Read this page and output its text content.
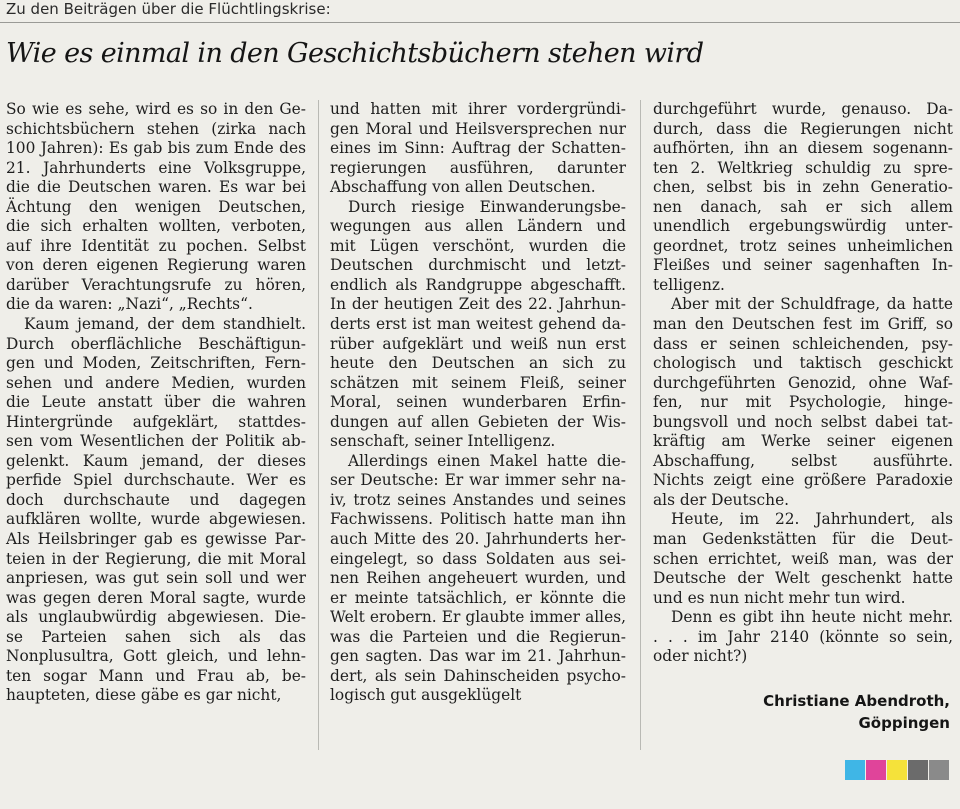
Zu den Beiträgen über die Flüchtlingskrise:
Wie es einmal in den Geschichtsbüchern stehen wird

So wie es sehe, wird es so in den Ge-
schichtsbüchern stehen (zirka nach
100 Jahren): Es gab bis zum Ende des
21. Jahrhunderts eine Volksgruppe,
die die Deutschen waren. Es war bei
Ächtung den wenigen Deutschen,
die sich erhalten wollten, verboten,
auf ihre Identität zu pochen. Selbst
von deren eigenen Regierung waren
darüber Verachtungsrufe zu hören,
die da waren: „Nazi“, „Rechts“.

Kaum jemand, der dem standhielt.
Durch oberflächliche Beschäftigun-
gen und Moden, Zeitschriften, Fern-
sehen und andere Medien, wurden
die Leute anstatt über die wahren
Hintergründe aufgeklärt, stattdes-
sen vom Wesentlichen der Politik ab-
gelenkt. Kaum jemand, der dieses
perfide Spiel durchschaute. Wer es
doch durchschaute und dagegen
aufklären wollte, wurde abgewiesen.
Als Heilsbringer gab es gewisse Par-
teien in der Regierung, die mit Moral
anpriesen, was gut sein soll und wer
was gegen deren Moral sagte, wurde
als unglaubwürdig abgewiesen. Die-
se Parteien sahen sich als das
Nonplusultra, Gott gleich, und lehn-
ten sogar Mann und Frau ab, be-
haupteten, diese gäbe es gar nicht,

und hatten mit ihrer vordergründi-
gen Moral und Heilsversprechen nur
eines im Sinn: Auftrag der Schatten-
regierungen ausführen, darunter
Abschaffung von allen Deutschen.

Durch riesige Einwanderungsbe-
wegungen aus allen Ländern und
mit Lügen verschönt, wurden die
Deutschen durchmischt und letzt-
endlich als Randgruppe abgeschafft.
In der heutigen Zeit des 22. Jahrhun-
derts erst ist man weitest gehend da-
rüber aufgeklärt und weiß nun erst
heute den Deutschen an sich zu
schätzen mit seinem Fleiß, seiner
Moral, seinen wunderbaren Erfin-
dungen auf allen Gebieten der Wis-
senschaft, seiner Intelligenz.

Allerdings einen Makel hatte die-
ser Deutsche: Er war immer sehr na-
iv, trotz seines Anstandes und seines
Fachwissens. Politisch hatte man ihn
auch Mitte des 20. Jahrhunderts her-
eingelegt, so dass Soldaten aus sei-
nen Reihen angeheuert wurden, und
er meinte tatsächlich, er könnte die
Welt erobern. Er glaubte immer alles,
was die Parteien und die Regierun-
gen sagten. Das war im 21. Jahrhun-
dert, als sein Dahinscheiden psycho-
logisch gut ausgeklügelt

durchgeführt wurde, genauso. Da-
durch, dass die Regierungen nicht
aufhörten, ihn an diesem sogenann-
ten 2. Weltkrieg schuldig zu spre-
chen, selbst bis in zehn Generatio-
nen danach, sah er sich allem
unendlich ergebungswürdig unter-
geordnet, trotz seines unheimlichen
Fleißes und seiner sagenhaften In-
telligenz.

Aber mit der Schuldfrage, da hatte
man den Deutschen fest im Griff, so
dass er seinen schleichenden, psy-
chologisch und taktisch geschickt
durchgeführten Genozid, ohne Waf-
fen, nur mit Psychologie, hinge-
bungsvoll und noch selbst dabei tat-
kräftig am Werke seiner eigenen
Abschaffung, selbst ausführte.
Nichts zeigt eine größere Paradoxie
als der Deutsche.

Heute, im 22. Jahrhundert, als
man Gedenkstätten für die Deut-
schen errichtet, weiß man, was der
Deutsche der Welt geschenkt hatte
und es nun nicht mehr tun wird.

Denn es gibt ihn heute nicht mehr.
. . . im Jahr 2140 (könnte so sein,
oder nicht?)

Christiane Abendroth,
Göppingen
